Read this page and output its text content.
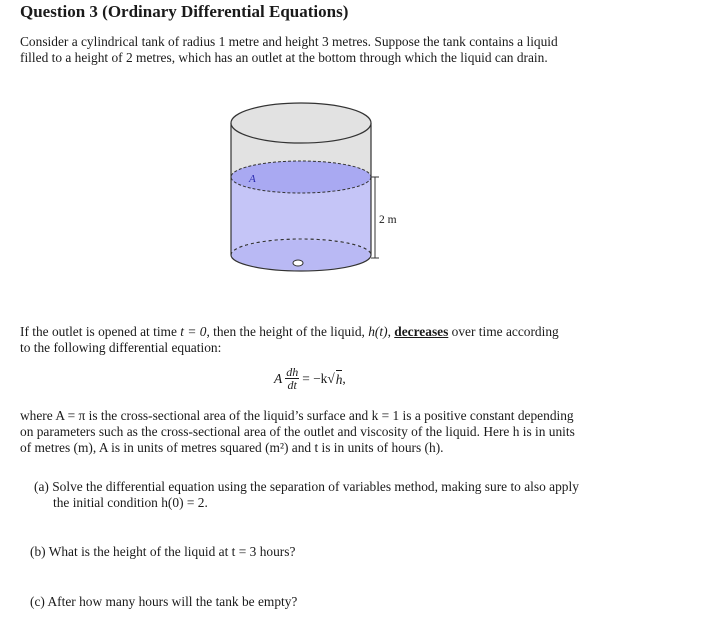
Question 3 (Ordinary Differential Equations)
Consider a cylindrical tank of radius 1 metre and height 3 metres. Suppose the tank contains a liquid
filled to a height of 2 metres, which has an outlet at the bottom through which the liquid can drain.
A
2 m
If the outlet is opened at time t = 0, then the height of the liquid, h(t), decreases over time according
to the following differential equation:
A $\frac{dh}{dt} = -k√$ h ,
where A = π is the cross-sectional area of the liquid’s surface and k = 1 is a positive constant depending
on parameters such as the cross-sectional area of the outlet and viscosity of the liquid. Here h is in units
of metres (m), A is in units of metres squared (m²) and t is in units of hours (h).
(a) Solve the differential equation using the separation of variables method, making sure to also apply
the initial condition h(0) = 2.
(b) What is the height of the liquid at t = 3 hours?
(c) After how many hours will the tank be empty?
